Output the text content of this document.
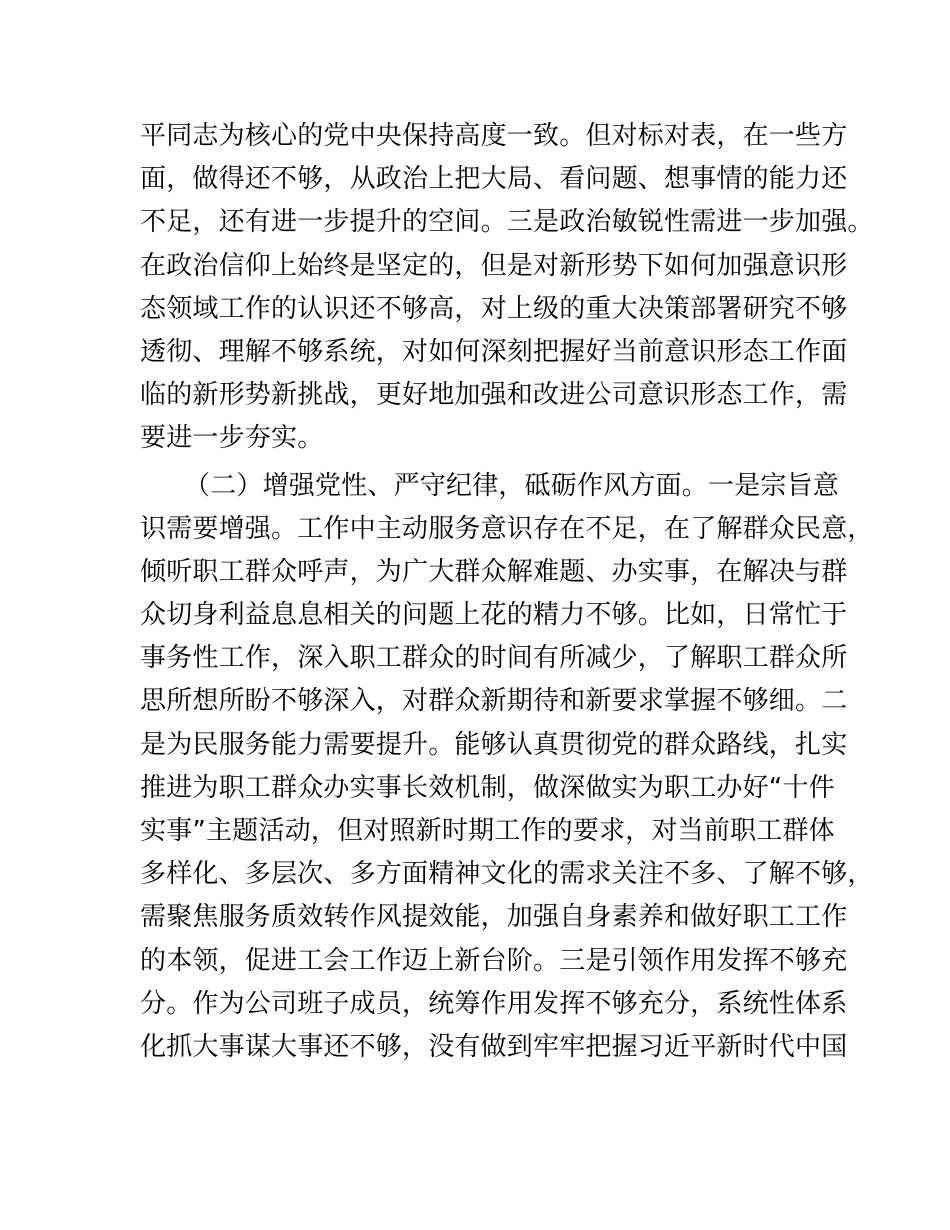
平同志为核心的党中央保持高度一致。但对标对表，在一些方
面，做得还不够，从政治上把大局、看问题、想事情的能力还
不足，还有进一步提升的空间。三是政治敏锐性需进一步加强。
在政治信仰上始终是坚定的，但是对新形势下如何加强意识形
态领域工作的认识还不够高，对上级的重大决策部署研究不够
透彻、理解不够系统，对如何深刻把握好当前意识形态工作面
临的新形势新挑战，更好地加强和改进公司意识形态工作，需
要进一步夯实。
（二）增强党性、严守纪律，砥砺作风方面。一是宗旨意
识需要增强。工作中主动服务意识存在不足，在了解群众民意，
倾听职工群众呼声，为广大群众解难题、办实事，在解决与群
众切身利益息息相关的问题上花的精力不够。比如，日常忙于
事务性工作，深入职工群众的时间有所减少，了解职工群众所
思所想所盼不够深入，对群众新期待和新要求掌握不够细。二
是为民服务能力需要提升。能够认真贯彻党的群众路线，扎实
推进为职工群众办实事长效机制，做深做实为职工办好“十件
实事”主题活动，但对照新时期工作的要求，对当前职工群体
多样化、多层次、多方面精神文化的需求关注不多、了解不够，
需聚焦服务质效转作风提效能，加强自身素养和做好职工工作
的本领，促进工会工作迈上新台阶。三是引领作用发挥不够充
分。作为公司班子成员，统筹作用发挥不够充分，系统性体系
化抓大事谋大事还不够，没有做到牢牢把握习近平新时代中国
